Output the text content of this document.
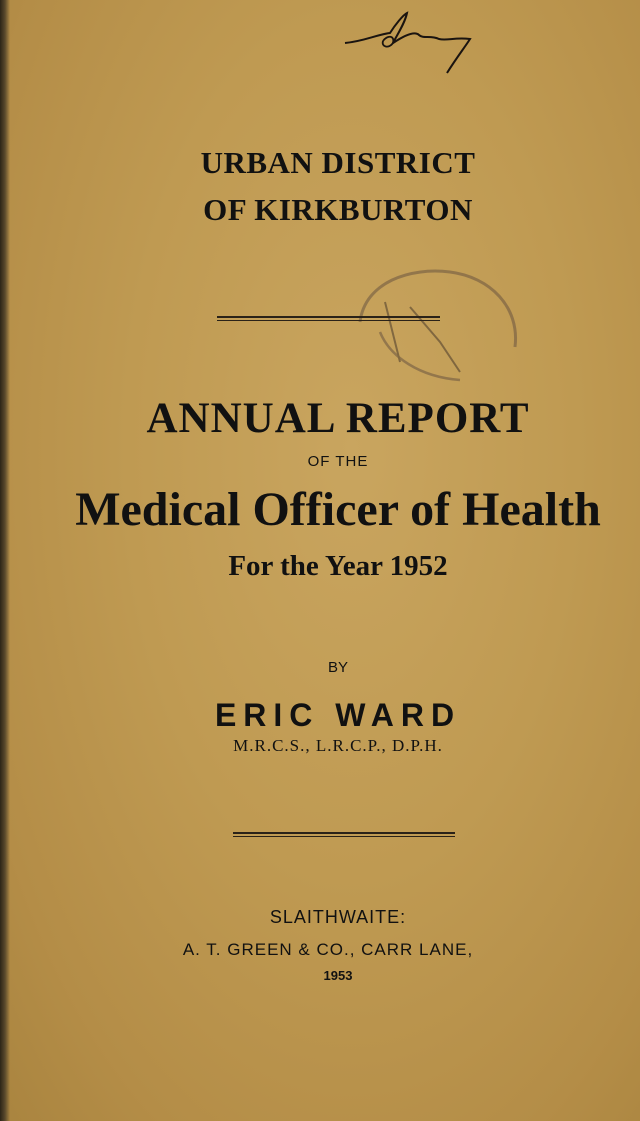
URBAN DISTRICT
OF KIRKBURTON
ANNUAL REPORT
OF THE
Medical Officer of Health
For the Year 1952
BY
ERIC WARD
M.R.C.S., L.R.C.P., D.P.H.
SLAITHWAITE:
A. T. GREEN & CO., CARR LANE,
1953
